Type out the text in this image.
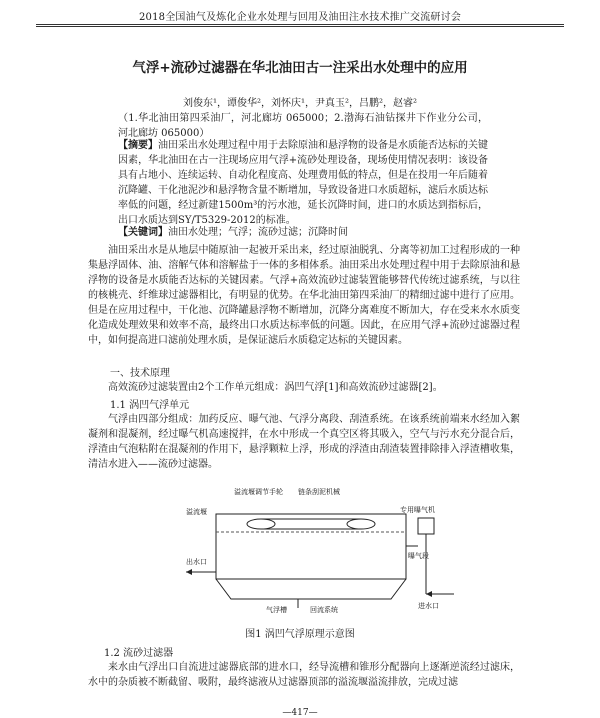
2018全国油气及炼化企业水处理与回用及油田注水技术推广交流研讨会
气浮+流砂过滤器在华北油田古一注采出水处理中的应用
刘俊东¹，谭俊华²，刘怀庆¹，尹真玉²，吕鹏²，赵睿²
（1.华北油田第四采油厂，河北廊坊 065000；2.渤海石油钻探井下作业分公司，河北廊坊 065000）
【摘要】油田采出水处理过程中用于去除原油和悬浮物的设备是水质能否达标的关键因素，华北油田在古一注现场应用气浮+流砂处理设备，现场使用情况表明：该设备具有占地小、连续运转、自动化程度高、处理费用低的特点，但是在投用一年后随着沉降罐、干化池泥沙和悬浮物含量不断增加，导致设备进口水质超标，滤后水质达标率低的问题，经过新建1500m³的污水池，延长沉降时间，进口的水质达到指标后，出口水质达到SY/T5329-2012的标准。
【关键词】油田水处理；气浮；流砂过滤；沉降时间
油田采出水是从地层中随原油一起被开采出来，经过原油脱乳、分离等初加工过程形成的一种集悬浮固体、油、溶解气体和溶解盐于一体的多相体系。油田采出水处理过程中用于去除原油和悬浮物的设备是水质能否达标的关键因素。气浮+高效流砂过滤装置能够替代传统过滤系统，与以往的核桃壳、纤维球过滤器相比，有明显的优势。在华北油田第四采油厂的精细过滤中进行了应用。但是在应用过程中，干化池、沉降罐悬浮物不断增加，沉降分离难度不断加大，存在受来水水质变化造成处理效果和效率不高，最终出口水质达标率低的问题。因此，在应用气浮+流砂过滤器过程中，如何提高进口滤前处理水质，是保证滤后水质稳定达标的关键因素。
一、技术原理
高效流砂过滤装置由2个工作单元组成：涡凹气浮[1]和高效流砂过滤器[2]。
1.1 涡凹气浮单元
气浮由四部分组成：加药反应、曝气池、气浮分离段、刮渣系统。在该系统前端来水经加入絮凝剂和混凝剂，经过曝气机高速搅拌，在水中形成一个真空区将其吸入，空气与污水充分混合后，浮渣由气泡粘附在混凝剂的作用下，悬浮颗粒上浮，形成的浮渣由刮渣装置排除排入浮渣槽收集，清洁水进入——流砂过滤器。
溢流堰调节手轮 链条刮泥机械
溢流堰	专用曝气机
曝气段
出水口
进水口
气浮槽	回流系统
图1 涡凹气浮原理示意图
1.2 流砂过滤器
来水由气浮出口自流进过滤器底部的进水口，经导流槽和锥形分配器向上逐渐逆流经过滤床，水中的杂质被不断截留、吸附，最终滤液从过滤器顶部的溢流堰溢流排放，完成过滤
—417—
